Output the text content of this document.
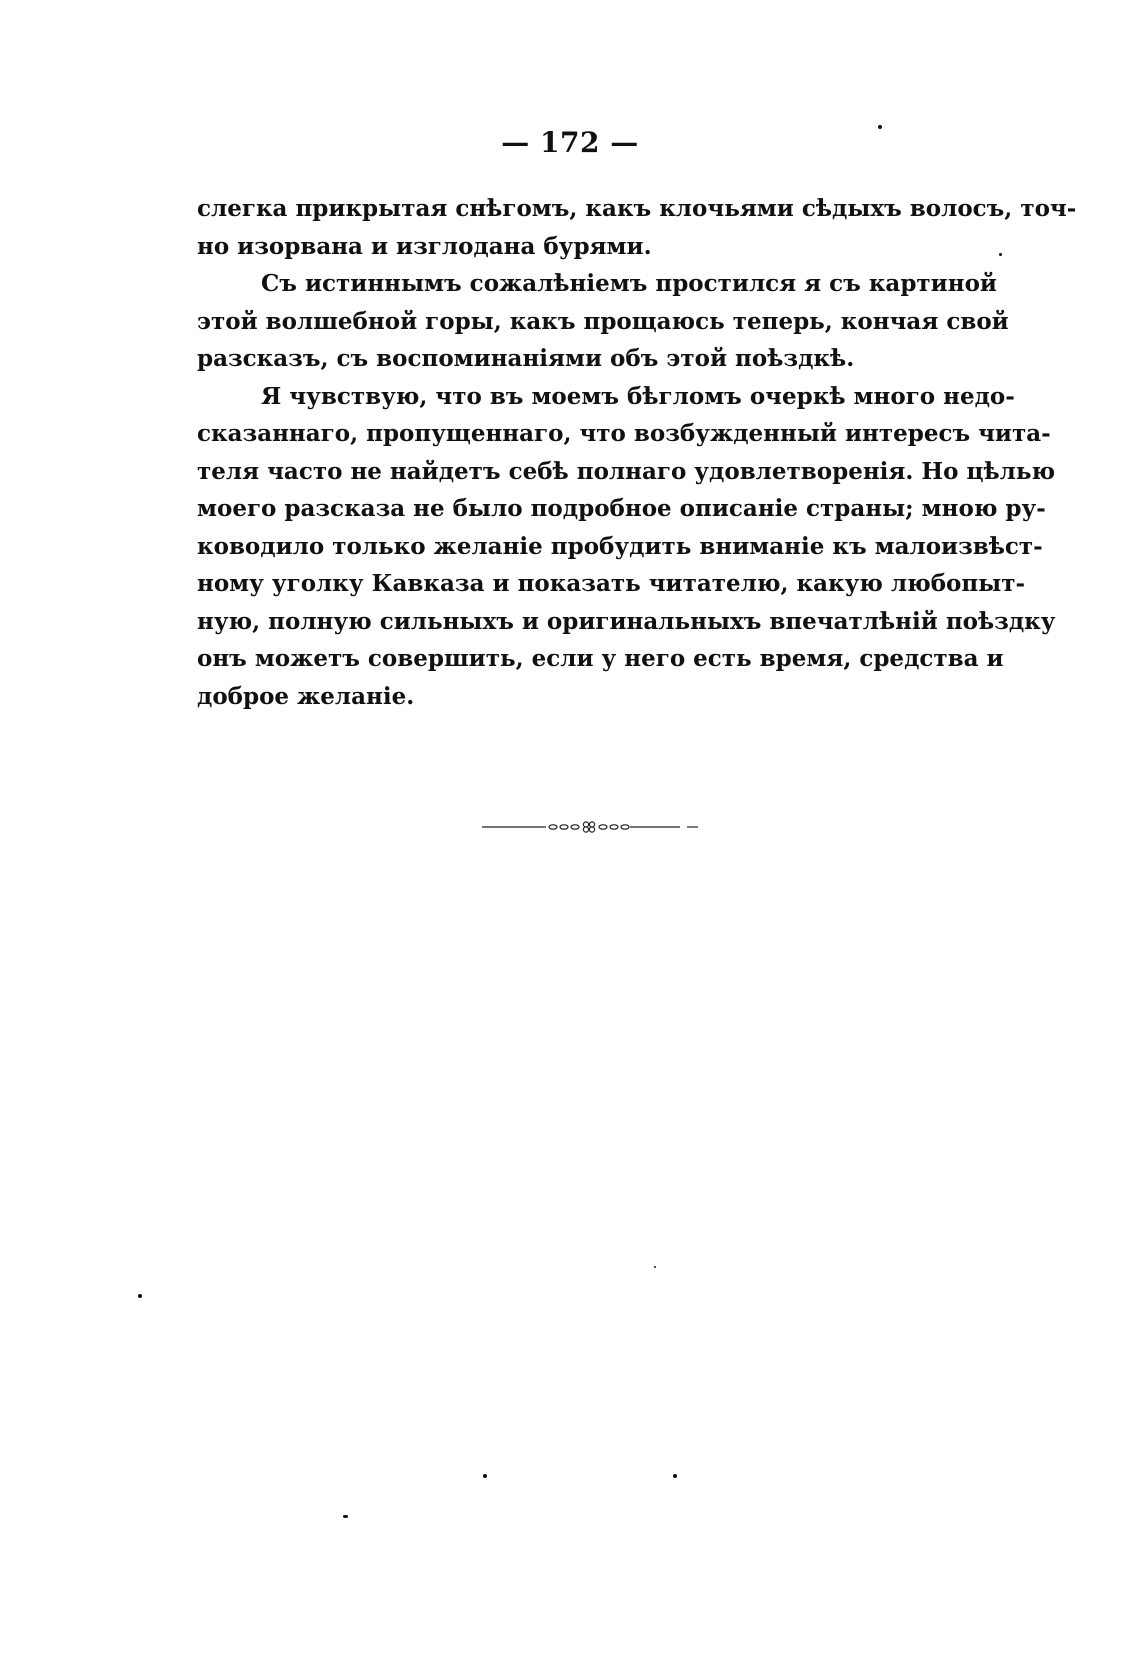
— 172 —
слегка прикрытая снѣгомъ, какъ клочьями сѣдыхъ волосъ, точ-
но изорвана и изглодана бурями.
Съ истиннымъ сожалѣніемъ простился я съ картиной
этой волшебной горы, какъ прощаюсь теперь, кончая свой
разсказъ, съ воспоминаніями объ этой поѣздкѣ.
Я чувствую, что въ моемъ бѣгломъ очеркѣ много недо-
сказаннаго, пропущеннаго, что возбужденный интересъ чита-
теля часто не найдетъ себѣ полнаго удовлетворенія. Но цѣлью
моего разсказа не было подробное описаніе страны; мною ру-
ководило только желаніе пробудить вниманіе къ малоизвѣст-
ному уголку Кавказа и показать читателю, какую любопыт-
ную, полную сильныхъ и оригинальныхъ впечатлѣній поѣздку
онъ можетъ совершить, если у него есть время, средства и
доброе желаніе.
